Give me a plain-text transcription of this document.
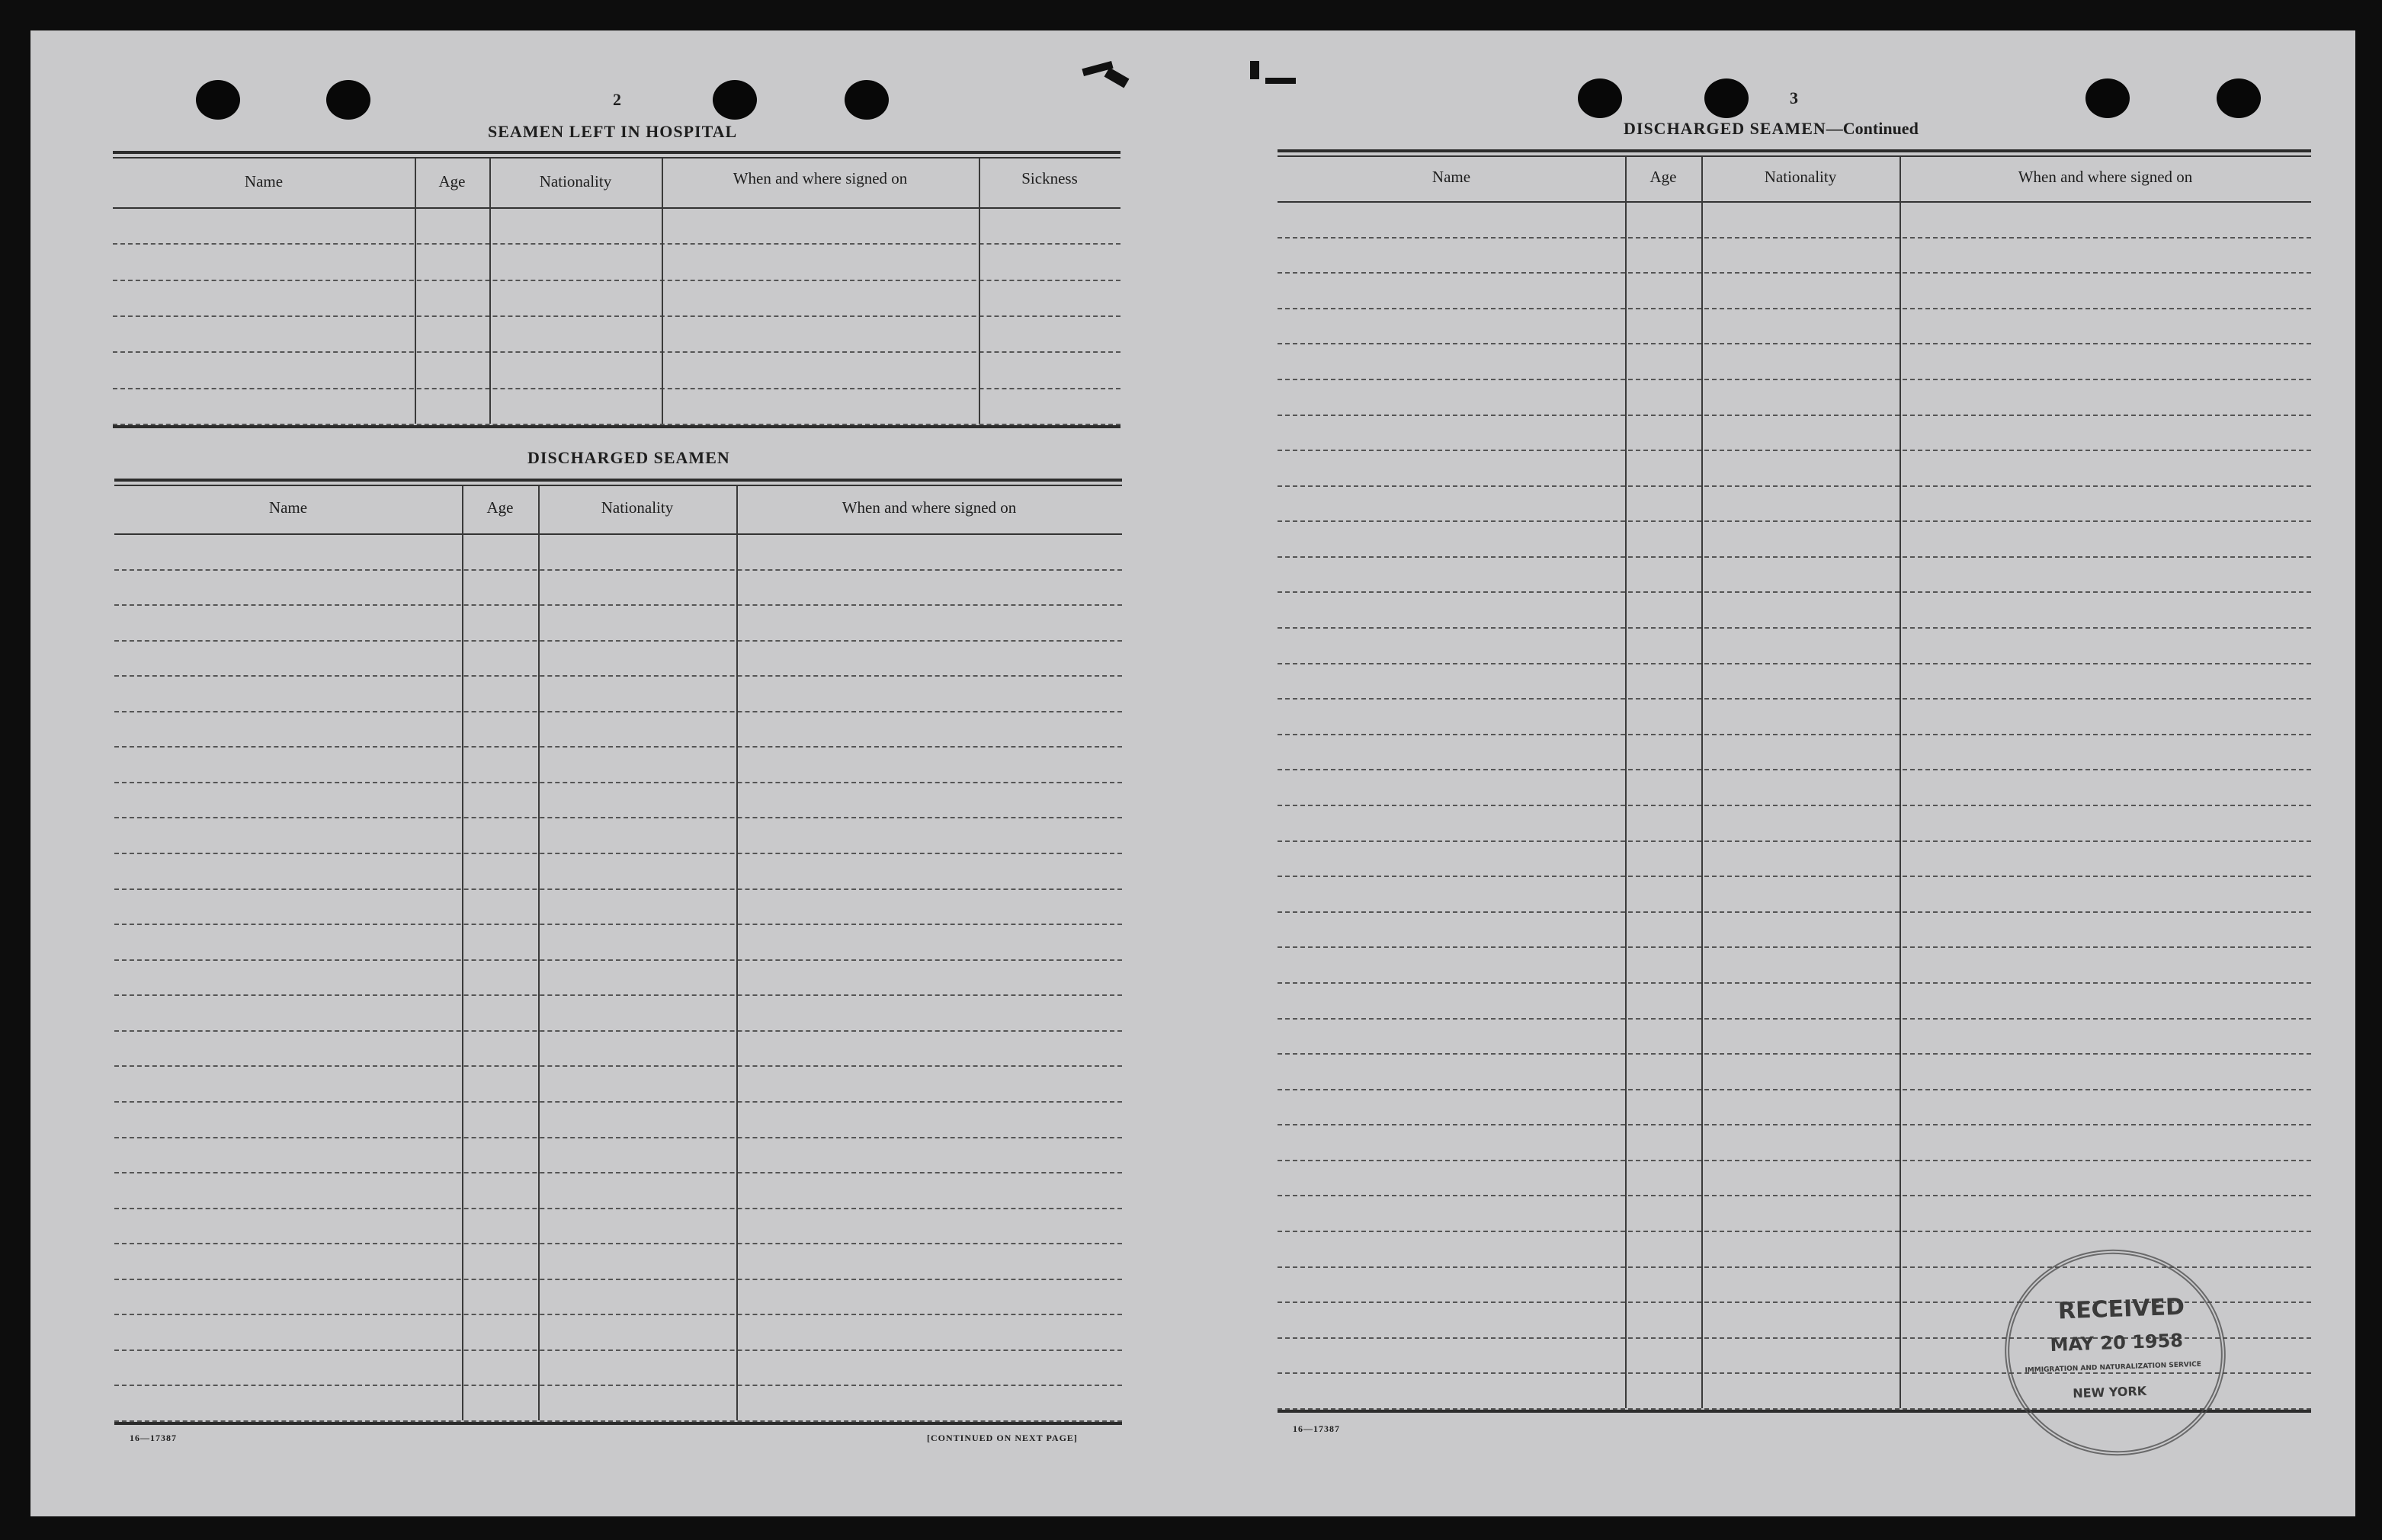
2
SEAMEN LEFT IN HOSPITAL
Name	Age	Nationality	When and where signed on	Sickness
DISCHARGED SEAMEN
Name	Age	Nationality	When and where signed on
16—17387	[CONTINUED ON NEXT PAGE]
3
DISCHARGED SEAMEN—Continued
Name	Age	Nationality	When and where signed on
16—17387
RECEIVED
MAY 20 1958
IMMIGRATION AND NATURALIZATION SERVICE
NEW YORK
